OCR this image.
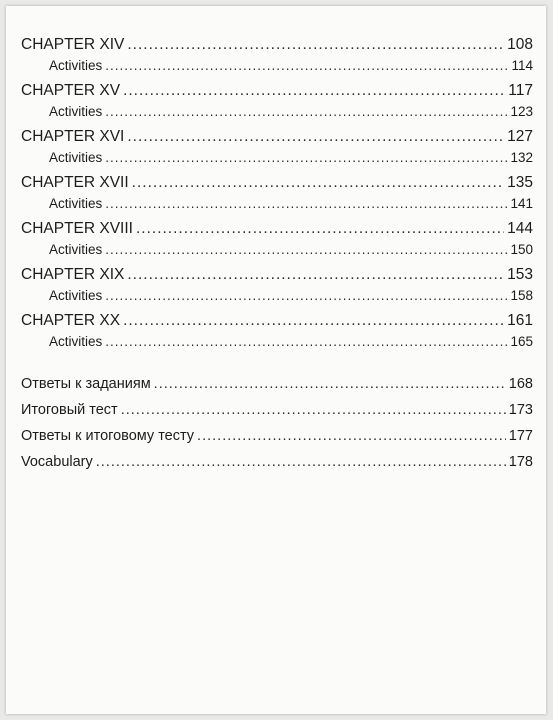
CHAPTER XIV .....	108
Activities .....	114
CHAPTER XV .....	117
Activities .....	123
CHAPTER XVI .....	127
Activities .....	132
CHAPTER XVII .....	135
Activities .....	141
CHAPTER XVIII .....	144
Activities .....	150
CHAPTER XIX .....	153
Activities .....	158
CHAPTER XX .....	161
Activities .....	165
Ответы к заданиям .....	168
Итоговый тест .....	173
Ответы к итоговому тесту .....	177
Vocabulary .....	178
